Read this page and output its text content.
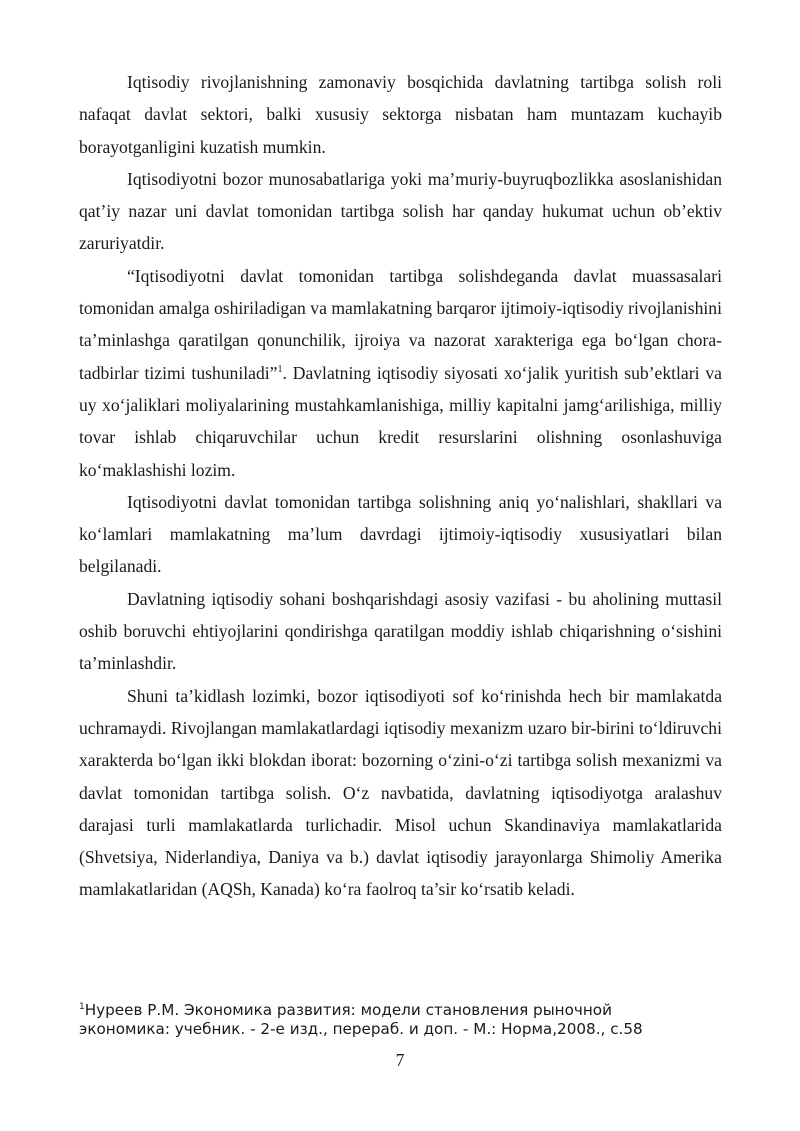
Iqtisodiy rivojlanishning zamonaviy bosqichida davlatning tartibga solish roli nafaqat davlat sektori, balki xususiy sektorga nisbatan ham muntazam kuchayib borayotganligini kuzatish mumkin.

Iqtisodiyotni bozor munosabatlariga yoki ma’muriy-buyruqbozlikka asoslanishidan qat’iy nazar uni davlat tomonidan tartibga solish har qanday hukumat uchun ob’ektiv zaruriyatdir.

“Iqtisodiyotni davlat tomonidan tartibga solishdeganda davlat muassasalari tomonidan amalga oshiriladigan va mamlakatning barqaror ijtimoiy-iqtisodiy rivojlanishini ta’minlashga qaratilgan qonunchilik, ijroiya va nazorat xarakteriga ega bo‘lgan chora-tadbirlar tizimi tushuniladi”$^1$. Davlatning iqtisodiy siyosati xo‘jalik yuritish sub’ektlari va uy xo‘jaliklari moliyalarining mustahkamlanishiga, milliy kapitalni jamg‘arilishiga, milliy tovar ishlab chiqaruvchilar uchun kredit resurslarini olishning osonlashuviga ko‘maklashishi lozim.

Iqtisodiyotni davlat tomonidan tartibga solishning aniq yo‘nalishlari, shakllari va ko‘lamlari mamlakatning ma’lum davrdagi ijtimoiy-iqtisodiy xususiyatlari bilan belgilanadi.

Davlatning iqtisodiy sohani boshqarishdagi asosiy vazifasi - bu aholining muttasil oshib boruvchi ehtiyojlarini qondirishga qaratilgan moddiy ishlab chiqarishning o‘sishini ta’minlashdir.

Shuni ta’kidlash lozimki, bozor iqtisodiyoti sof ko‘rinishda hech bir mamlakatda uchramaydi. Rivojlangan mamlakatlardagi iqtisodiy mexanizm uzaro bir-birini to‘ldiruvchi xarakterda bo‘lgan ikki blokdan iborat: bozorning o‘zini-o‘zi tartibga solish mexanizmi va davlat tomonidan tartibga solish. O‘z navbatida, davlatning iqtisodiyotga aralashuv darajasi turli mamlakatlarda turlichadir. Misol uchun Skandinaviya mamlakatlarida (Shvetsiya, Niderlandiya, Daniya va b.) davlat iqtisodiy jarayonlarga Shimoliy Amerika mamlakatlaridan (AQSh, Kanada) ko‘ra faolroq ta’sir ko‘rsatib keladi.

$^1$Нуреев Р.М. Экономика развития: модели становления рыночной
экономика: учебник. - 2-е изд., перераб. и доп. - М.: Норма,2008., с.58
7
